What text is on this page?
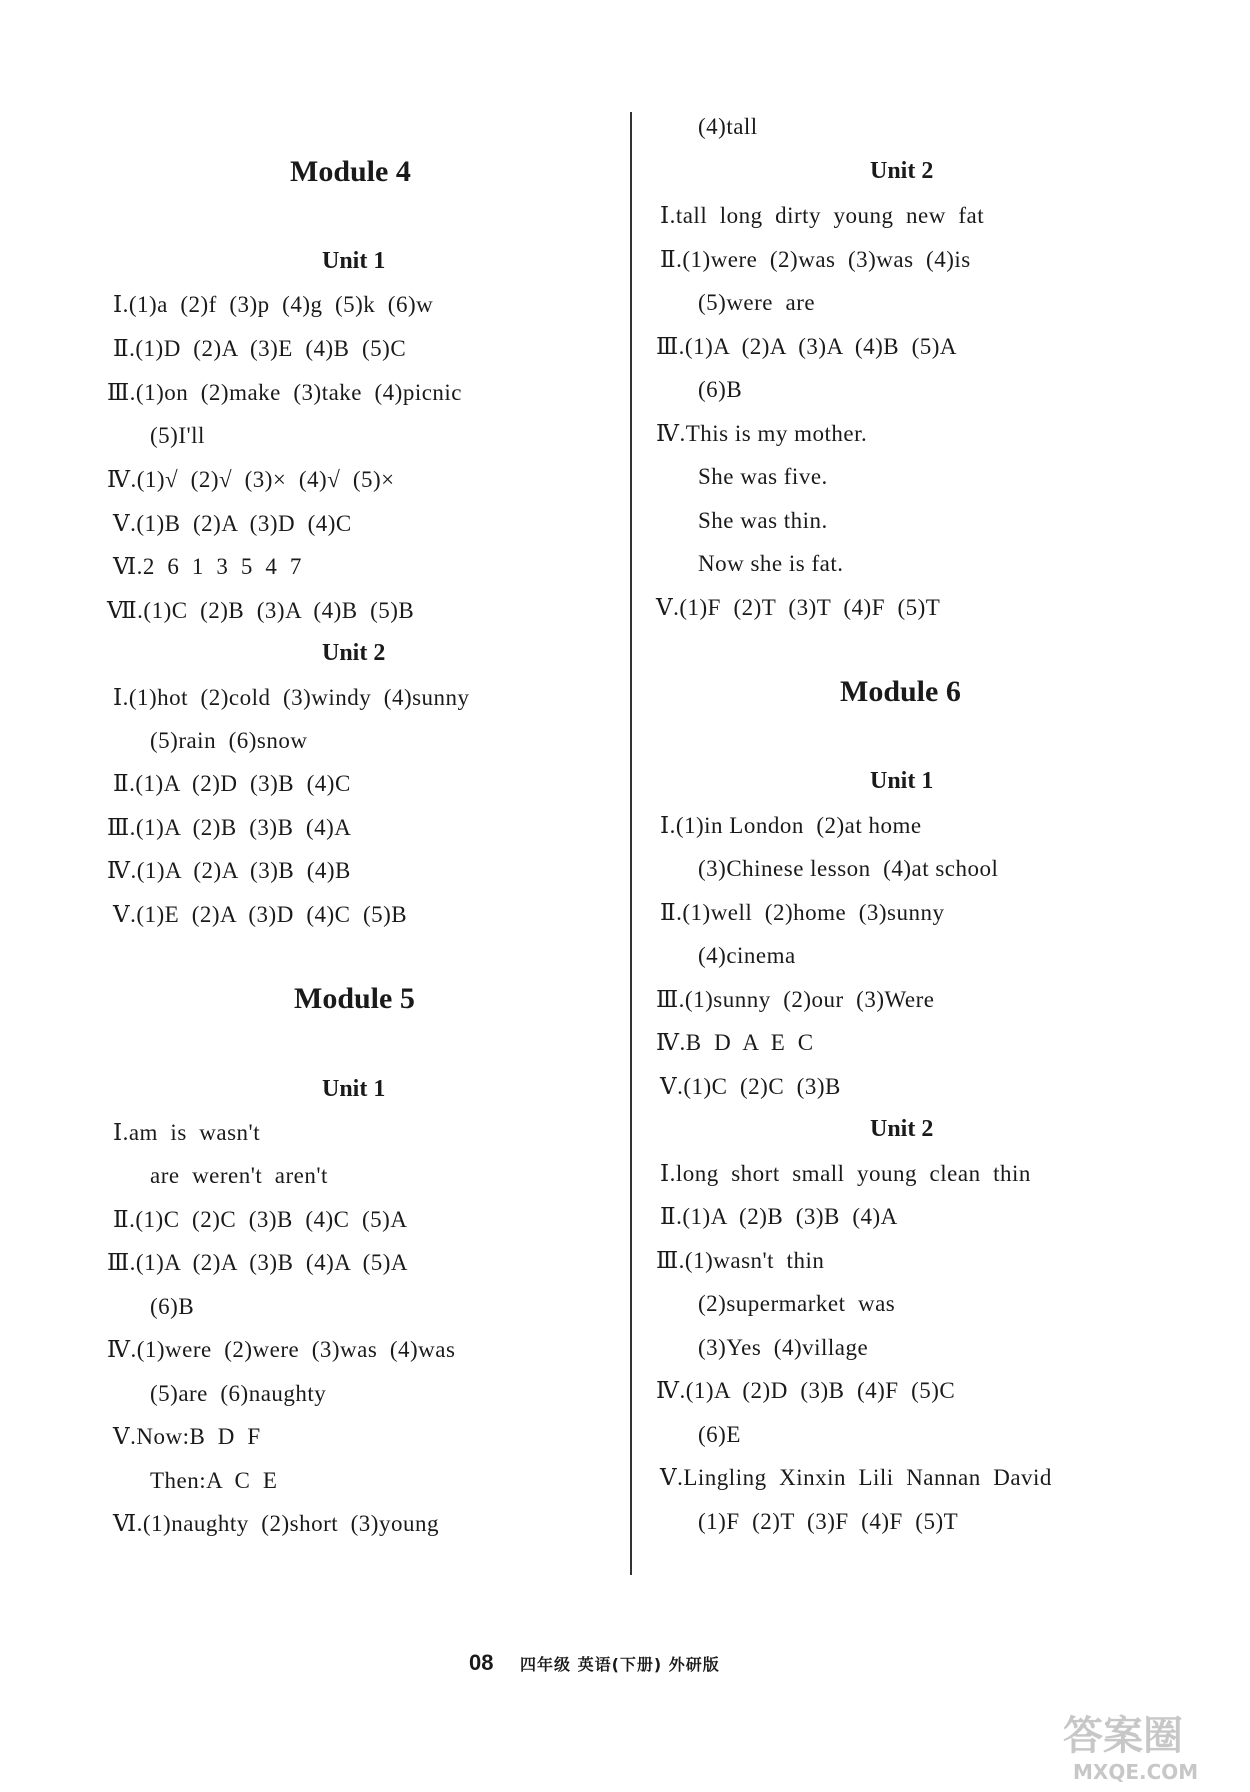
Module 4
Unit 1
Ⅰ.(1)a  (2)f  (3)p  (4)g  (5)k  (6)w
Ⅱ.(1)D  (2)A  (3)E  (4)B  (5)C
Ⅲ.(1)on  (2)make  (3)take  (4)picnic
(5)I'll
Ⅳ.(1)√  (2)√  (3)×  (4)√  (5)×
Ⅴ.(1)B  (2)A  (3)D  (4)C
Ⅵ.2  6  1  3  5  4  7
Ⅶ.(1)C  (2)B  (3)A  (4)B  (5)B
Unit 2
Ⅰ.(1)hot  (2)cold  (3)windy  (4)sunny
(5)rain  (6)snow
Ⅱ.(1)A  (2)D  (3)B  (4)C
Ⅲ.(1)A  (2)B  (3)B  (4)A
Ⅳ.(1)A  (2)A  (3)B  (4)B
Ⅴ.(1)E  (2)A  (3)D  (4)C  (5)B
Module 5
Unit 1
Ⅰ.am  is  wasn't
are  weren't  aren't
Ⅱ.(1)C  (2)C  (3)B  (4)C  (5)A
Ⅲ.(1)A  (2)A  (3)B  (4)A  (5)A
(6)B
Ⅳ.(1)were  (2)were  (3)was  (4)was
(5)are  (6)naughty
Ⅴ.Now:B  D  F
Then:A  C  E
Ⅵ.(1)naughty  (2)short  (3)young
(4)tall
Unit 2
Ⅰ.tall  long  dirty  young  new  fat
Ⅱ.(1)were  (2)was  (3)was  (4)is
(5)were  are
Ⅲ.(1)A  (2)A  (3)A  (4)B  (5)A
(6)B
Ⅳ.This is my mother.
She was five.
She was thin.
Now she is fat.
Ⅴ.(1)F  (2)T  (3)T  (4)F  (5)T
Module 6
Unit 1
Ⅰ.(1)in London  (2)at home
(3)Chinese lesson  (4)at school
Ⅱ.(1)well  (2)home  (3)sunny
(4)cinema
Ⅲ.(1)sunny  (2)our  (3)Were
Ⅳ.B  D  A  E  C
Ⅴ.(1)C  (2)C  (3)B
Unit 2
Ⅰ.long  short  small  young  clean  thin
Ⅱ.(1)A  (2)B  (3)B  (4)A
Ⅲ.(1)wasn't  thin
(2)supermarket  was
(3)Yes  (4)village
Ⅳ.(1)A  (2)D  (3)B  (4)F  (5)C
(6)E
Ⅴ.Lingling  Xinxin  Lili  Nannan  David
(1)F  (2)T  (3)F  (4)F  (5)T
08 四年级 英语(下册) 外研版
答案圈
MXQE.COM
